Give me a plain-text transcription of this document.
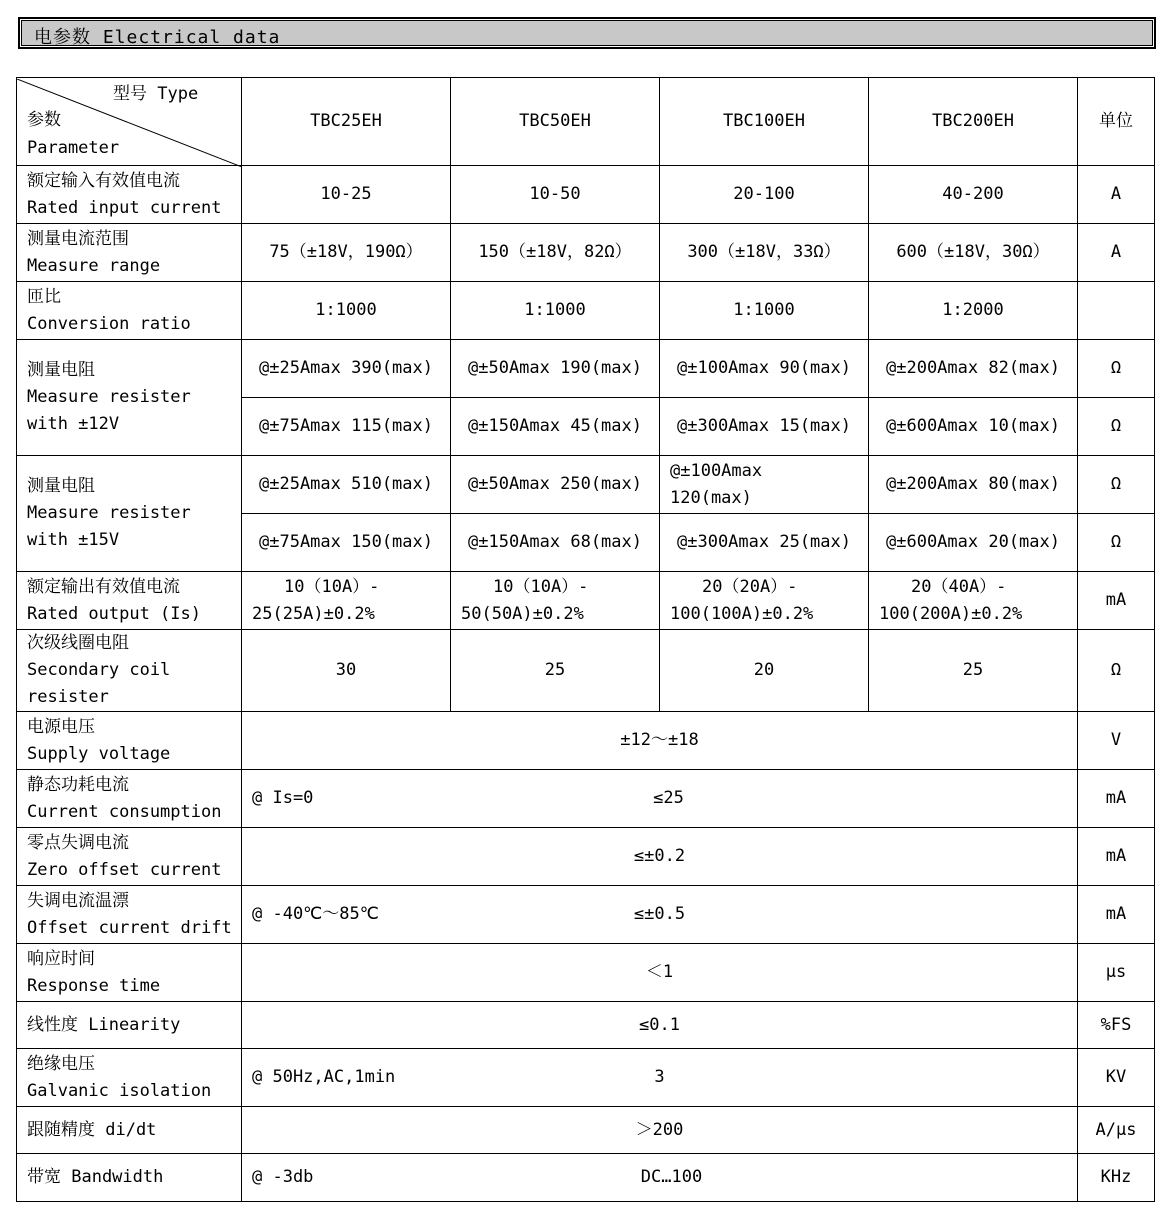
电参数 Electrical data
型号 Type
参数
Parameter	TBC25EH	TBC50EH	TBC100EH	TBC200EH	单位

额定输入有效值电流
Rated input current	10-25	10-50	20-100	40-200	A

测量电流范围
Measure range	75（±18V，190Ω）	150（±18V，82Ω）	300（±18V，33Ω）	600（±18V，30Ω）	A

匝比
Conversion ratio	1:1000	1:1000	1:1000	1:2000	

测量电阻
Measure resister
with ±12V	@±25Amax 390(max)	@±50Amax 190(max)	@±100Amax 90(max)	@±200Amax 82(max)	Ω
	@±75Amax 115(max)	@±150Amax 45(max)	@±300Amax 15(max)	@±600Amax 10(max)	Ω

测量电阻
Measure resister
with ±15V	@±25Amax 510(max)	@±50Amax 250(max)	@±100Amax
120(max)	@±200Amax 80(max)	Ω
	@±75Amax 150(max)	@±150Amax 68(max)	@±300Amax 25(max)	@±600Amax 20(max)	Ω

额定输出有效值电流
Rated output (Is)	10（10A）-
25(25A)±0.2%	10（10A）-
50(50A)±0.2%	20（20A）-
100(100A)±0.2%	20（40A）-
100(200A)±0.2%	mA

次级线圈电阻
Secondary coil
resister	30	25	20	25	Ω

电源电压
Supply voltage	±12～±18				V

静态功耗电流
Current consumption	@ Is=0 ≤25				mA

零点失调电流
Zero offset current	≤±0.2				mA

失调电流温漂
Offset current drift	@ -40℃～85℃ ≤±0.5				mA

响应时间
Response time	＜1				μs
线性度 Linearity	≤0.1				%FS

绝缘电压
Galvanic isolation	@ 50Hz,AC,1min 3				KV
跟随精度 di/dt	＞200				A/μs
带宽 Bandwidth	@ -3db DC…100				KHz
